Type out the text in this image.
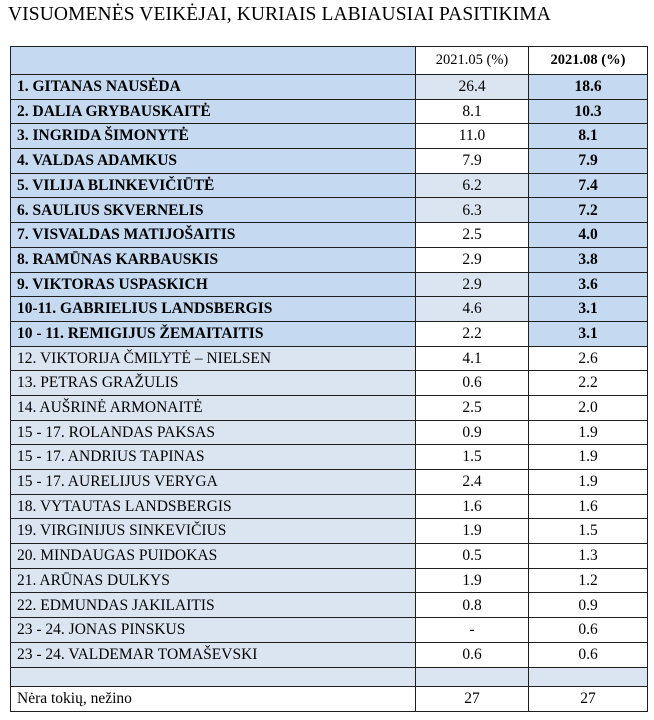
VISUOMENĖS VEIKĖJAI, KURIAIS LABIAUSIAI PASITIKIMA
	2021.05 (%)	2021.08 (%)
1. GITANAS NAUSĖDA	26.4	18.6
2. DALIA GRYBAUSKAITĖ	8.1	10.3
3. INGRIDA ŠIMONYTĖ	11.0	8.1
4. VALDAS ADAMKUS	7.9	7.9
5. VILIJA BLINKEVIČIŪTĖ	6.2	7.4
6. SAULIUS SKVERNELIS	6.3	7.2
7. VISVALDAS MATIJOŠAITIS	2.5	4.0
8. RAMŪNAS KARBAUSKIS	2.9	3.8
9. VIKTORAS USPASKICH	2.9	3.6
10-11. GABRIELIUS LANDSBERGIS	4.6	3.1
10 - 11. REMIGIJUS ŽEMAITAITIS	2.2	3.1
12. VIKTORIJA ČMILYTĖ – NIELSEN	4.1	2.6
13. PETRAS GRAŽULIS	0.6	2.2
14. AUŠRINĖ ARMONAITĖ	2.5	2.0
15 - 17. ROLANDAS PAKSAS	0.9	1.9
15 - 17. ANDRIUS TAPINAS	1.5	1.9
15 - 17. AURELIJUS VERYGA	2.4	1.9
18. VYTAUTAS LANDSBERGIS	1.6	1.6
19. VIRGINIJUS SINKEVIČIUS	1.9	1.5
20. MINDAUGAS PUIDOKAS	0.5	1.3
21. ARŪNAS DULKYS	1.9	1.2
22. EDMUNDAS JAKILAITIS	0.8	0.9
23 - 24. JONAS PINSKUS	-	0.6
23 - 24. VALDEMAR TOMAŠEVSKI	0.6	0.6

Nėra tokių, nežino	27	27
